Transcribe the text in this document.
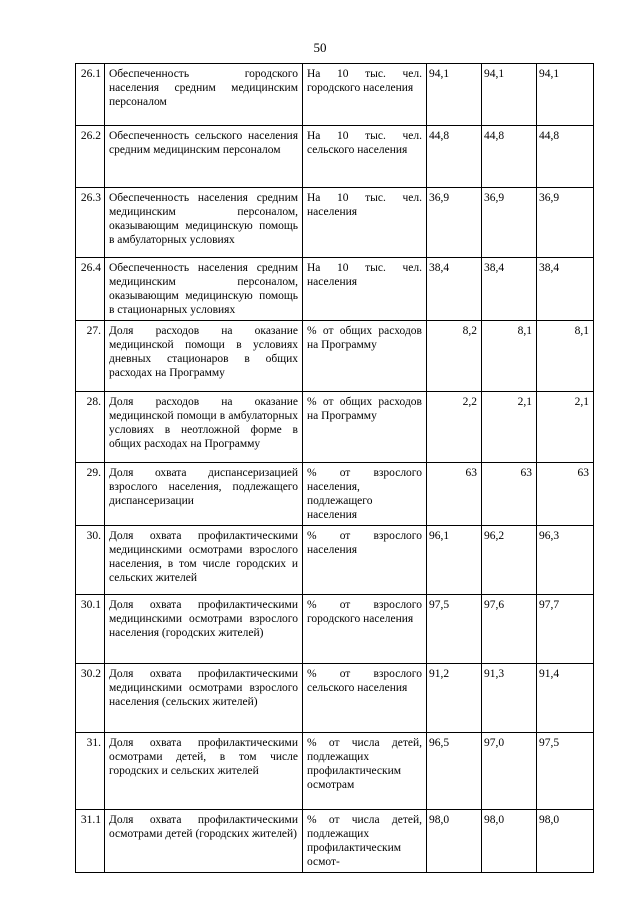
50
26.1	Обеспеченность городского населения средним медицинским персоналом	На 10 тыс. чел. городского населения	94,1	94,1	94,1
26.2	Обеспеченность сельского населения средним медицинским персоналом	На 10 тыс. чел. сельского населения	44,8	44,8	44,8
26.3	Обеспеченность населения средним медицинским персоналом, оказывающим медицинскую помощь в амбулаторных условиях	На 10 тыс. чел. населения	36,9	36,9	36,9
26.4	Обеспеченность населения средним медицинским персоналом, оказывающим медицинскую помощь в стационарных условиях	На 10 тыс. чел. населения	38,4	38,4	38,4
27.	Доля расходов на оказание медицинской помощи в условиях дневных стационаров в общих расходах на Программу	% от общих расходов на Программу	8,2	8,1	8,1
28.	Доля расходов на оказание медицинской помощи в амбулаторных условиях в неотложной форме в общих расходах на Программу	% от общих расходов на Программу	2,2	2,1	2,1
29.	Доля охвата диспансеризацией взрослого населения, подлежащего диспансеризации	% от взрослого населения, подлежащего населения	63	63	63
30.	Доля охвата профилактическими медицинскими осмотрами взрослого населения, в том числе городских и сельских жителей	% от взрослого населения	96,1	96,2	96,3
30.1	Доля охвата профилактическими медицинскими осмотрами взрослого населения (городских жителей)	% от взрослого городского населения	97,5	97,6	97,7
30.2	Доля охвата профилактическими медицинскими осмотрами взрослого населения (сельских жителей)	% от взрослого сельского населения	91,2	91,3	91,4
31.	Доля охвата профилактическими осмотрами детей, в том числе городских и сельских жителей	% от числа детей, подлежащих профилактическим осмотрам	96,5	97,0	97,5
31.1	Доля охвата профилактическими осмотрами детей (городских жителей)	% от числа детей, подлежащих профилактическим осмот-	98,0	98,0	98,0
